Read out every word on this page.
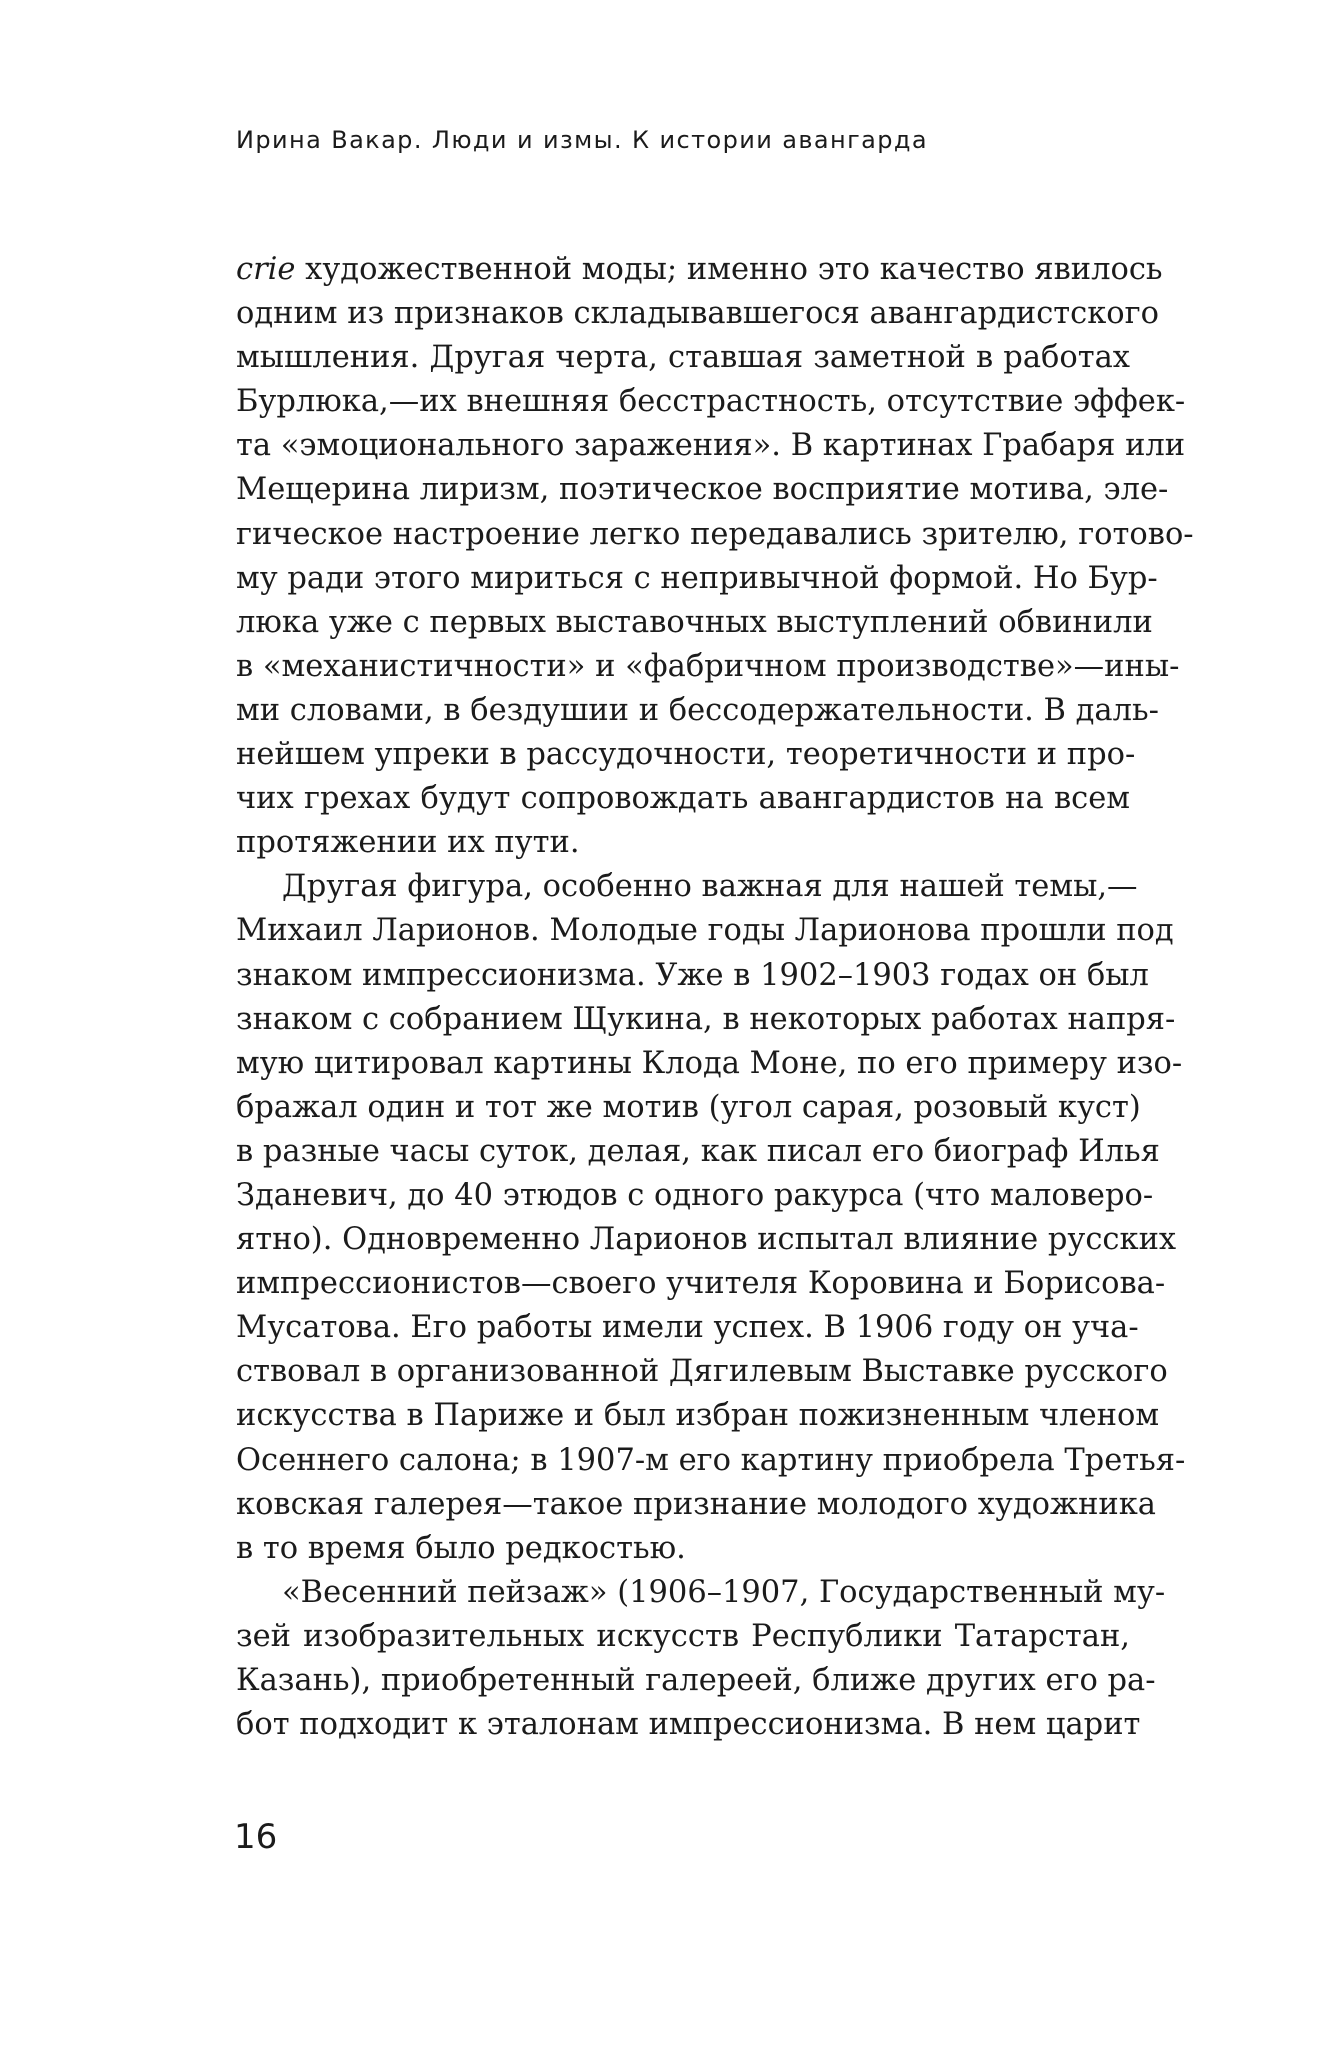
Ирина Вакар. Люди и измы. К истории авангарда
crie художественной моды; именно это качество явилось
одним из признаков складывавшегося авангардистского
мышления. Другая черта, ставшая заметной в работах
Бурлюка,—их внешняя бесстрастность, отсутствие эффек-
та «эмоционального заражения». В картинах Грабаря или
Мещерина лиризм, поэтическое восприятие мотива, эле-
гическое настроение легко передавались зрителю, готово-
му ради этого мириться с непривычной формой. Но Бур-
люка уже с первых выставочных выступлений обвинили
в «механистичности» и «фабричном производстве»—ины-
ми словами, в бездушии и бессодержательности. В даль-
нейшем упреки в рассудочности, теоретичности и про-
чих грехах будут сопровождать авангардистов на всем
протяжении их пути.
Другая фигура, особенно важная для нашей темы,—
Михаил Ларионов. Молодые годы Ларионова прошли под
знаком импрессионизма. Уже в 1902–1903 годах он был
знаком с собранием Щукина, в некоторых работах напря-
мую цитировал картины Клода Моне, по его примеру изо-
бражал один и тот же мотив (угол сарая, розовый куст)
в разные часы суток, делая, как писал его биограф Илья
Зданевич, до 40 этюдов с одного ракурса (что маловеро-
ятно). Одновременно Ларионов испытал влияние русских
импрессионистов—своего учителя Коровина и Борисова-
Мусатова. Его работы имели успех. В 1906 году он уча-
ствовал в организованной Дягилевым Выставке русского
искусства в Париже и был избран пожизненным членом
Осеннего салона; в 1907-м его картину приобрела Третья-
ковская галерея—такое признание молодого художника
в то время было редкостью.
«Весенний пейзаж» (1906–1907, Государственный му-
зей изобразительных искусств Республики Татарстан,
Казань), приобретенный галереей, ближе других его ра-
бот подходит к эталонам импрессионизма. В нем царит
16
